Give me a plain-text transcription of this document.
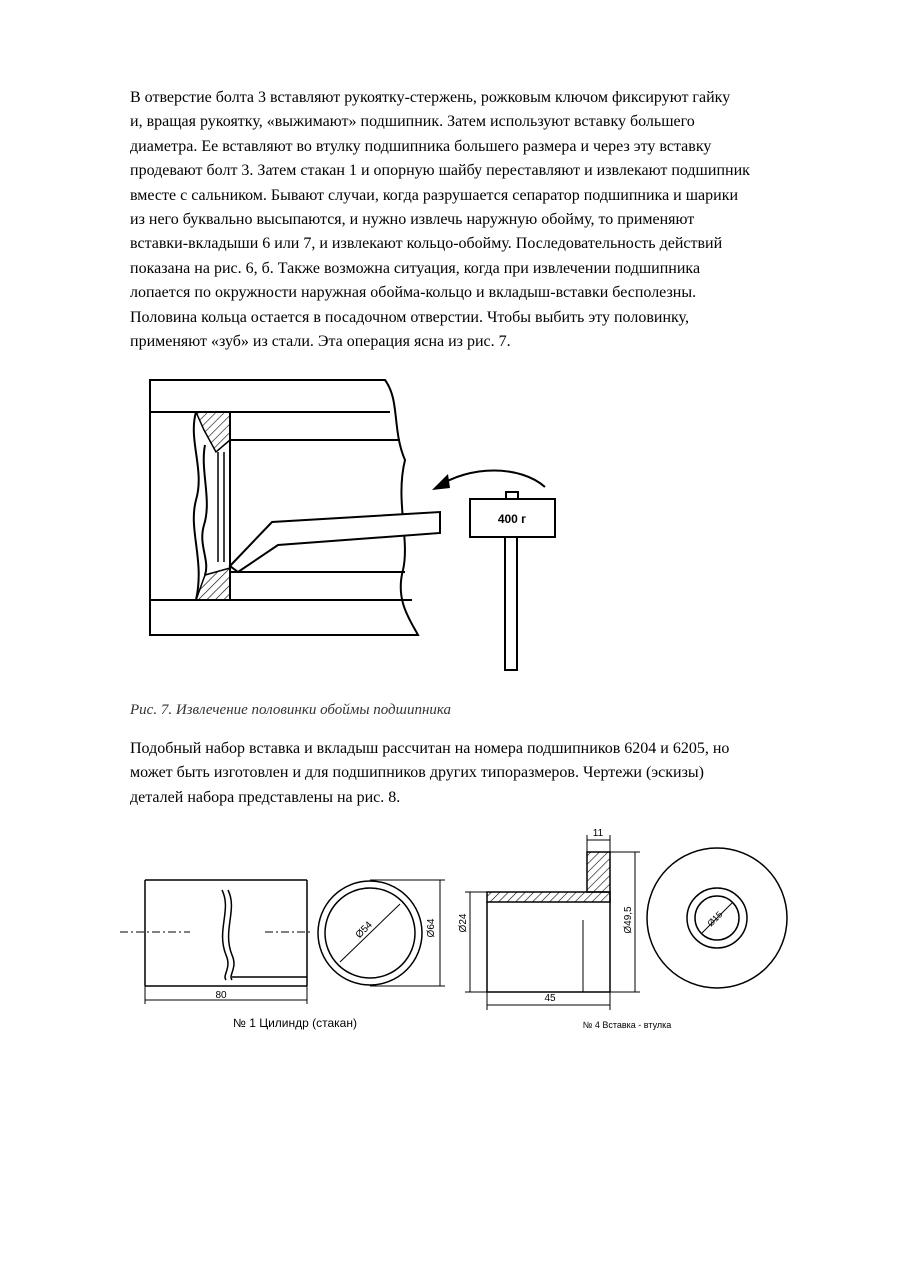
В отверстие болта 3 вставляют рукоятку-стержень, рожковым ключом фиксируют гайку
и, вращая рукоятку, «выжимают» подшипник. Затем используют вставку большего
диаметра. Ее вставляют во втулку подшипника большего размера и через эту вставку
продевают болт 3. Затем стакан 1 и опорную шайбу переставляют и извлекают подшипник
вместе с сальником. Бывают случаи, когда разрушается сепаратор подшипника и шарики
из него буквально высыпаются, и нужно извлечь наружную обойму, то применяют
вставки-вкладыши 6 или 7, и извлекают кольцо-обойму. Последовательность действий
показана на рис. 6, б. Также возможна ситуация, когда при извлечении подшипника
лопается по окружности наружная обойма-кольцо и вкладыш-вставки бесполезны.
Половина кольца остается в посадочном отверстии. Чтобы выбить эту половинку,
применяют «зуб» из стали. Эта операция ясна из рис. 7.
400 г
Рис. 7. Извлечение половинки обоймы подшипника
Подобный набор вставка и вкладыш рассчитан на номера подшипников 6204 и 6205, но
может быть изготовлен и для подшипников других типоразмеров. Чертежи (эскизы)
деталей набора представлены на рис. 8.
80
Ø54	Ø64
№ 1 Цилиндр (стакан)
11
Ø24	Ø49,5
45
Ø15
№ 4 Вставка - втулка
